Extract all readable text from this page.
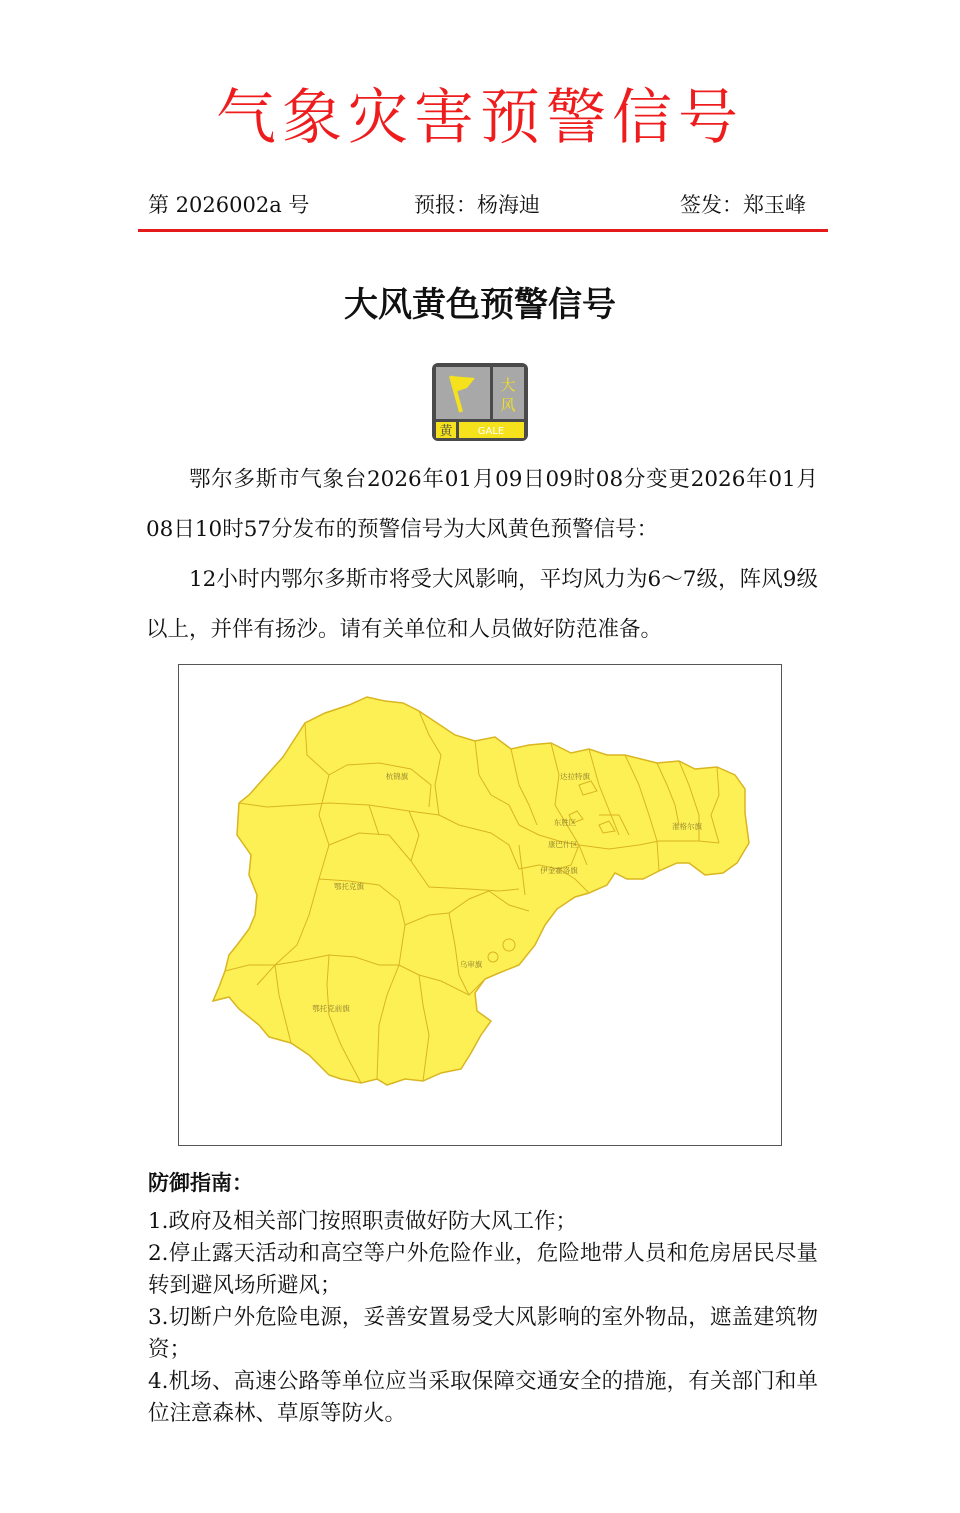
气象灾害预警信号
第 2026002a 号	预报：杨海迪	签发：郑玉峰
大风黄色预警信号
大
风
黄	GALE

鄂尔多斯市气象台2026年01月09日09时08分变更2026年01月08日10时57分发布的预警信号为大风黄色预警信号：

12小时内鄂尔多斯市将受大风影响，平均风力为6～7级，阵风9级以上，并伴有扬沙。请有关单位和人员做好防范准备。

杭锦旗	达拉特旗
东胜区
康巴什区
伊金霍洛旗
准格尔旗
鄂托克旗
乌审旗
鄂托克前旗
防御指南：
1.政府及相关部门按照职责做好防大风工作；
2.停止露天活动和高空等户外危险作业，危险地带人员和危房居民尽量转到避风场所避风；
3.切断户外危险电源，妥善安置易受大风影响的室外物品，遮盖建筑物资；
4.机场、高速公路等单位应当采取保障交通安全的措施，有关部门和单位注意森林、草原等防火。
